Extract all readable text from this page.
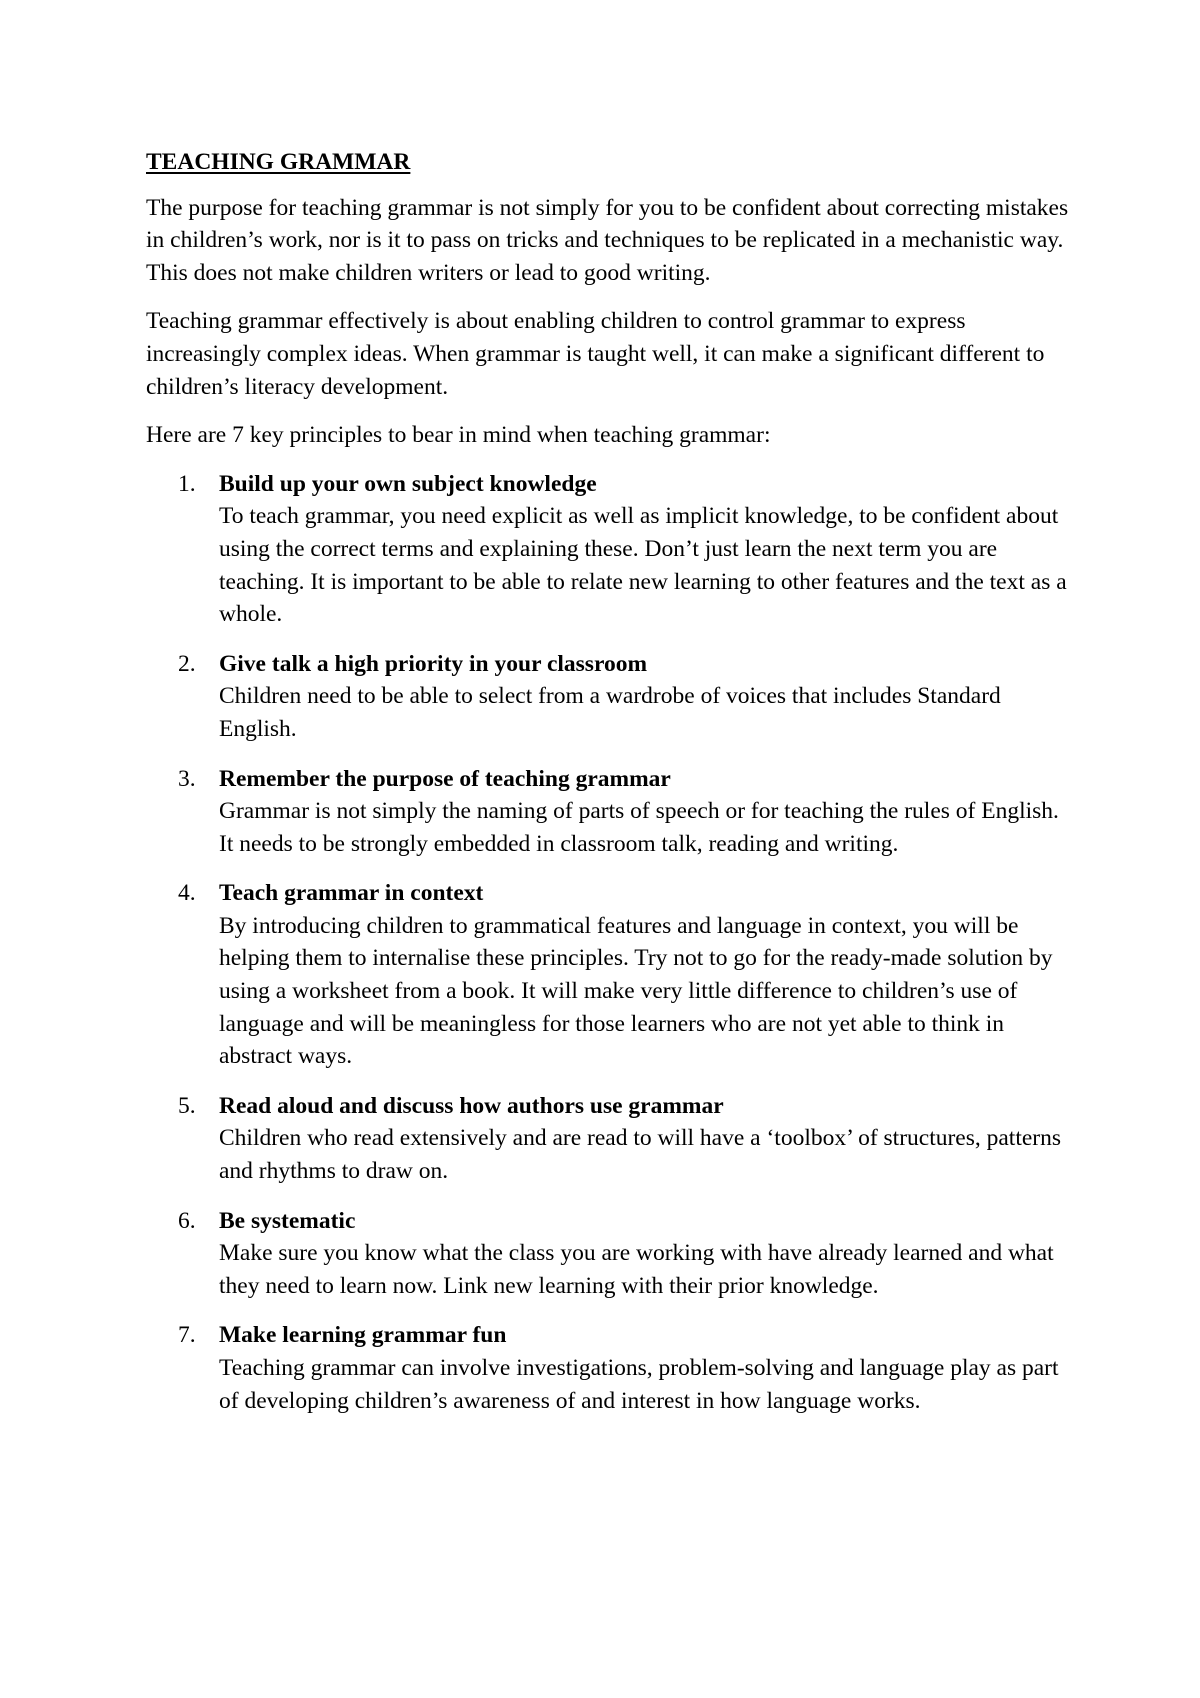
TEACHING GRAMMAR

The purpose for teaching grammar is not simply for you to be confident about correcting mistakes in children’s work, nor is it to pass on tricks and techniques to be replicated in a mechanistic way. This does not make children writers or lead to good writing.

Teaching grammar effectively is about enabling children to control grammar to express increasingly complex ideas. When grammar is taught well, it can make a significant different to children’s literacy development.

Here are 7 key principles to bear in mind when teaching grammar:

1. Build up your own subject knowledge
To teach grammar, you need explicit as well as implicit knowledge, to be confident about using the correct terms and explaining these. Don’t just learn the next term you are teaching. It is important to be able to relate new learning to other features and the text as a whole.
2. Give talk a high priority in your classroom
Children need to be able to select from a wardrobe of voices that includes Standard English.
3. Remember the purpose of teaching grammar
Grammar is not simply the naming of parts of speech or for teaching the rules of English. It needs to be strongly embedded in classroom talk, reading and writing.
4. Teach grammar in context
By introducing children to grammatical features and language in context, you will be helping them to internalise these principles. Try not to go for the ready-made solution by using a worksheet from a book. It will make very little difference to children’s use of language and will be meaningless for those learners who are not yet able to think in abstract ways.
5. Read aloud and discuss how authors use grammar
Children who read extensively and are read to will have a ‘toolbox’ of structures, patterns and rhythms to draw on.
6. Be systematic
Make sure you know what the class you are working with have already learned and what they need to learn now. Link new learning with their prior knowledge.
7. Make learning grammar fun
Teaching grammar can involve investigations, problem-solving and language play as part of developing children’s awareness of and interest in how language works.
